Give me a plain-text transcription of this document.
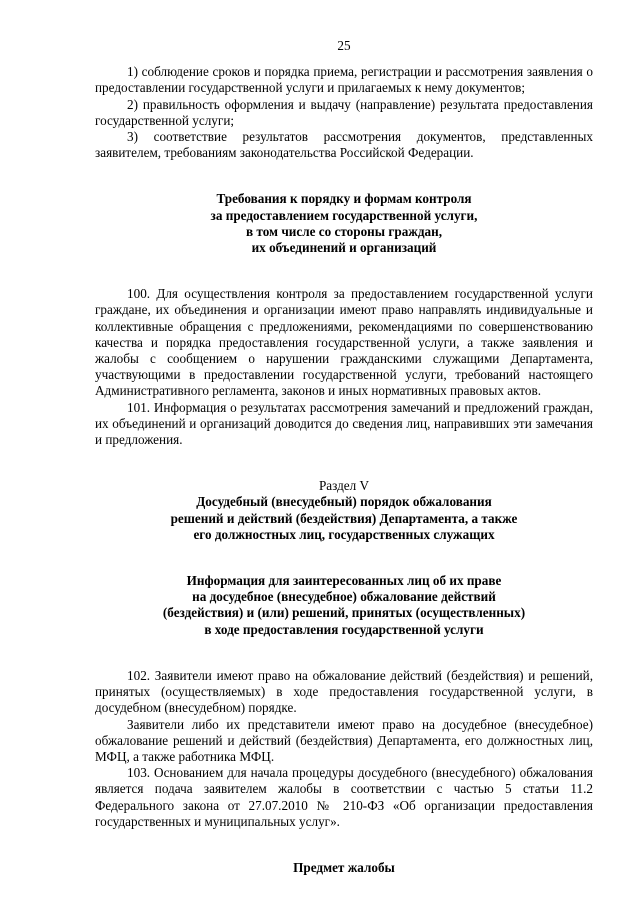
25

1) соблюдение сроков и порядка приема, регистрации и рассмотрения заявления о предоставлении государственной услуги и прилагаемых к нему документов;

2) правильность оформления и выдачу (направление) результата предоставления государственной услуги;

3) соответствие результатов рассмотрения документов, представленных заявителем, требованиям законодательства Российской Федерации.

Требования к порядку и формам контроля
за предоставлением государственной услуги,
в том числе со стороны граждан,
их объединений и организаций

100. Для осуществления контроля за предоставлением государственной услуги граждане, их объединения и организации имеют право направлять индивидуальные и коллективные обращения с предложениями, рекомендациями по совершенствованию качества и порядка предоставления государственной услуги, а также заявления и жалобы с сообщением о нарушении гражданскими служащими Департамента, участвующими в предоставлении государственной услуги, требований настоящего Административного регламента, законов и иных нормативных правовых актов.

101. Информация о результатах рассмотрения замечаний и предложений граждан, их объединений и организаций доводится до сведения лиц, направивших эти замечания и предложения.

Раздел V
Досудебный (внесудебный) порядок обжалования
решений и действий (бездействия) Департамента, а также
его должностных лиц, государственных служащих
Информация для заинтересованных лиц об их праве
на досудебное (внесудебное) обжалование действий
(бездействия) и (или) решений, принятых (осуществленных)
в ходе предоставления государственной услуги

102. Заявители имеют право на обжалование действий (бездействия) и решений, принятых (осуществляемых) в ходе предоставления государственной услуги, в досудебном (внесудебном) порядке.

Заявители либо их представители имеют право на досудебное (внесудебное) обжалование решений и действий (бездействия) Департамента, его должностных лиц, МФЦ, а также работника МФЦ.

103. Основанием для начала процедуры досудебного (внесудебного) обжалования является подача заявителем жалобы в соответствии с частью 5 статьи 11.2 Федерального закона от 27.07.2010 № 210-ФЗ «Об организации предоставления государственных и муниципальных услуг».

Предмет жалобы
